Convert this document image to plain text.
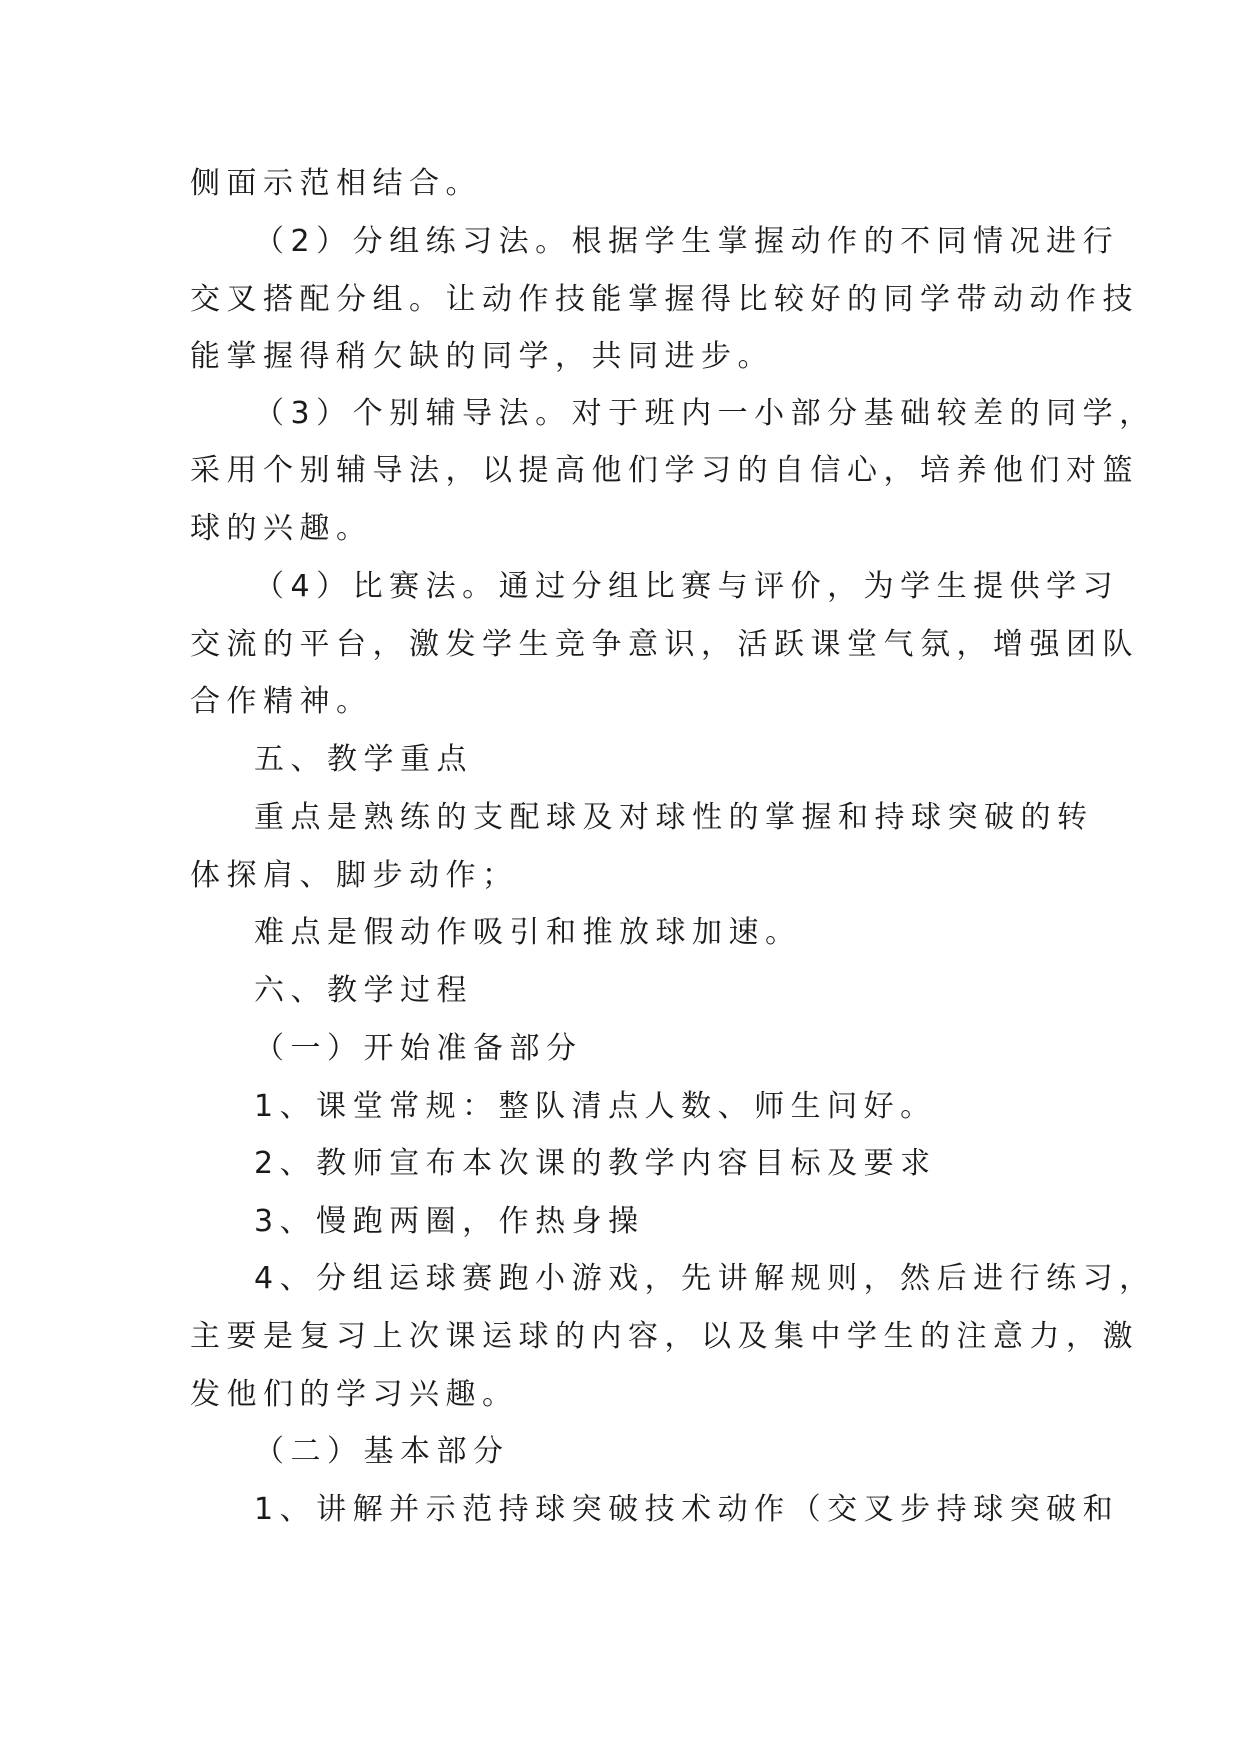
侧面示范相结合。
（2）分组练习法。根据学生掌握动作的不同情况进行
交叉搭配分组。让动作技能掌握得比较好的同学带动动作技
能掌握得稍欠缺的同学，共同进步。
（3）个别辅导法。对于班内一小部分基础较差的同学，
采用个别辅导法，以提高他们学习的自信心，培养他们对篮
球的兴趣。
（4）比赛法。通过分组比赛与评价，为学生提供学习
交流的平台，激发学生竞争意识，活跃课堂气氛，增强团队
合作精神。
五、教学重点
重点是熟练的支配球及对球性的掌握和持球突破的转
体探肩、脚步动作；
难点是假动作吸引和推放球加速。
六、教学过程
（一）开始准备部分
1、课堂常规：整队清点人数、师生问好。
2、教师宣布本次课的教学内容目标及要求
3、慢跑两圈，作热身操
4、分组运球赛跑小游戏，先讲解规则，然后进行练习，
主要是复习上次课运球的内容，以及集中学生的注意力，激
发他们的学习兴趣。
（二）基本部分
1、讲解并示范持球突破技术动作（交叉步持球突破和
